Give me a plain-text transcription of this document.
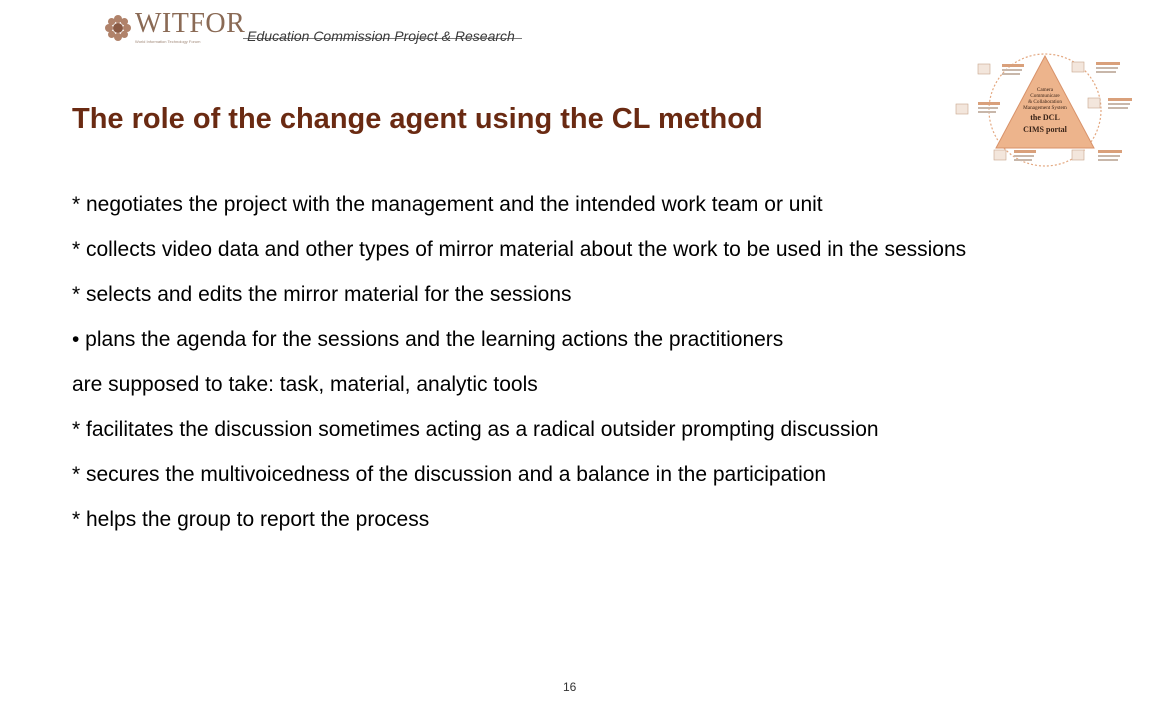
WITFOR
World Information Technology Forum	Education Commission Project & Research
The role of the change agent using the CL method
Camera
Communicare
& Collaboration
Management System
the DCL
CIMS portal

* negotiates the project with the management and the intended work team or unit

* collects video data and other types of mirror material about the work to be used in the sessions

* selects and edits the mirror material for the sessions

• plans the agenda for the sessions and the learning actions the practitioners

are supposed to take: task, material, analytic tools

* facilitates the discussion sometimes acting as a radical outsider prompting discussion

* secures the multivoicedness of the discussion and a balance in the participation

* helps the group to report the process

16
